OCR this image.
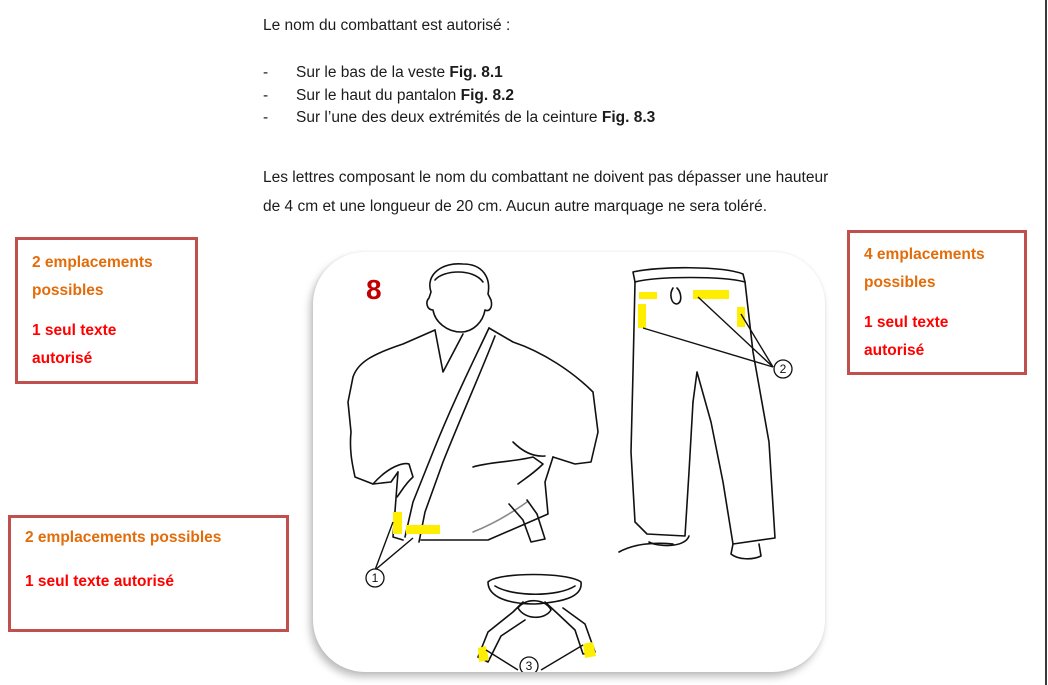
Le nom du combattant est autorisé :

- Sur le bas de la veste Fig. 8.1
- Sur le haut du pantalon Fig. 8.2
- Sur l’une des deux extrémités de la ceinture Fig. 8.3
Les lettres composant le nom du combattant ne doivent pas dépasser une hauteur
de 4 cm et une longueur de 20 cm. Aucun autre marquage ne sera toléré.
2 emplacements
possibles
1 seul texte
autorisé
4 emplacements
possibles
1 seul texte
autorisé
2 emplacements possibles
1 seul texte autorisé	1
2
3
8
